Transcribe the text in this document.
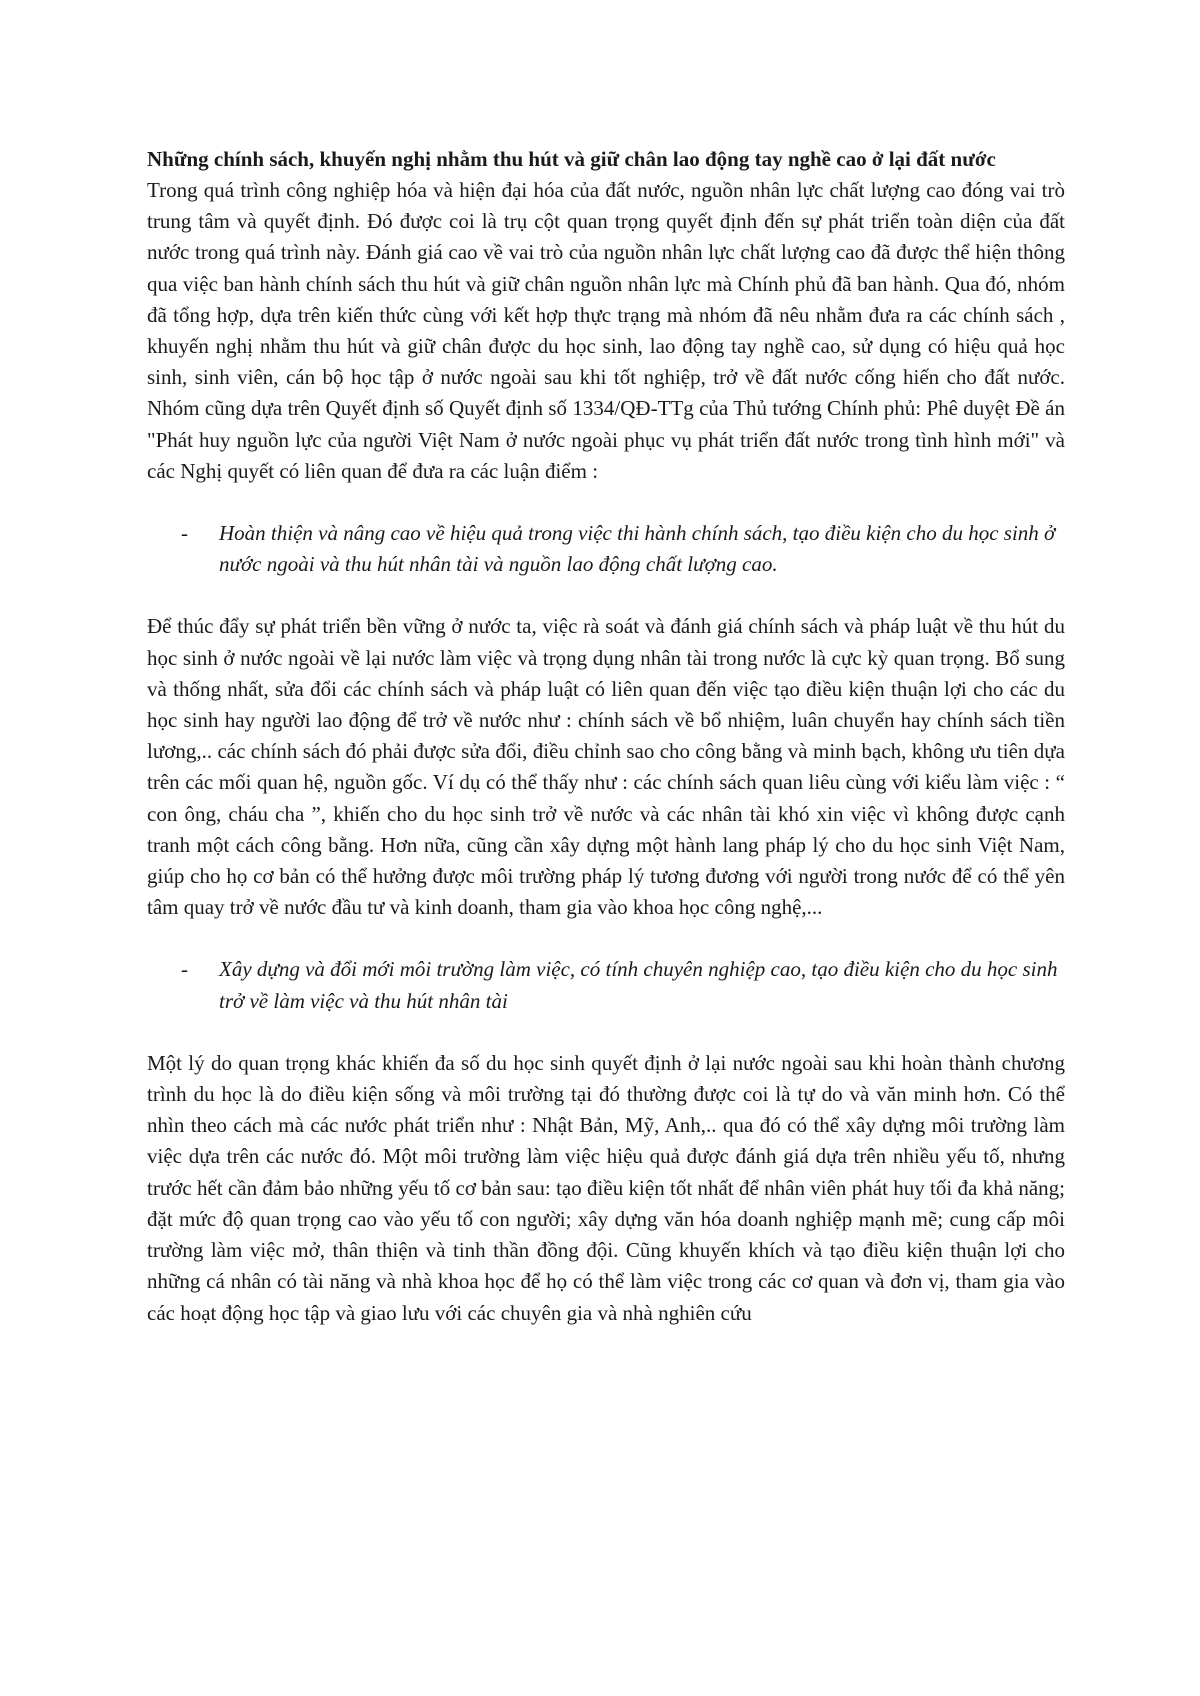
Những chính sách, khuyến nghị nhằm thu hút và giữ chân lao động tay nghề cao ở lại đất nước

Trong quá trình công nghiệp hóa và hiện đại hóa của đất nước, nguồn nhân lực chất lượng cao đóng vai trò trung tâm và quyết định. Đó được coi là trụ cột quan trọng quyết định đến sự phát triển toàn diện của đất nước trong quá trình này. Đánh giá cao về vai trò của nguồn nhân lực chất lượng cao đã được thể hiện thông qua việc ban hành chính sách thu hút và giữ chân nguồn nhân lực mà Chính phủ đã ban hành. Qua đó, nhóm đã tổng hợp, dựa trên kiến thức cùng với kết hợp thực trạng mà nhóm đã nêu nhằm đưa ra các chính sách , khuyến nghị nhằm thu hút và giữ chân được du học sinh, lao động tay nghề cao, sử dụng có hiệu quả học sinh, sinh viên, cán bộ học tập ở nước ngoài sau khi tốt nghiệp, trở về đất nước cống hiến cho đất nước. Nhóm cũng dựa trên Quyết định số Quyết định số 1334/QĐ-TTg của Thủ tướng Chính phủ: Phê duyệt Đề án "Phát huy nguồn lực của người Việt Nam ở nước ngoài phục vụ phát triển đất nước trong tình hình mới" và các Nghị quyết có liên quan để đưa ra các luận điểm :

- Hoàn thiện và nâng cao về hiệu quả trong việc thi hành chính sách, tạo điều kiện cho du học sinh ở nước ngoài và thu hút nhân tài và nguồn lao động chất lượng cao.

Để thúc đẩy sự phát triển bền vững ở nước ta, việc rà soát và đánh giá chính sách và pháp luật về thu hút du học sinh ở nước ngoài về lại nước làm việc và trọng dụng nhân tài trong nước là cực kỳ quan trọng. Bổ sung và thống nhất, sửa đổi các chính sách và pháp luật có liên quan đến việc tạo điều kiện thuận lợi cho các du học sinh hay người lao động để trở về nước như : chính sách về bổ nhiệm, luân chuyển hay chính sách tiền lương,.. các chính sách đó phải được sửa đổi, điều chỉnh sao cho công bằng và minh bạch, không ưu tiên dựa trên các mối quan hệ, nguồn gốc. Ví dụ có thể thấy như : các chính sách quan liêu cùng với kiểu làm việc : “ con ông, cháu cha ”, khiến cho du học sinh trở về nước và các nhân tài khó xin việc vì không được cạnh tranh một cách công bằng. Hơn nữa, cũng cần xây dựng một hành lang pháp lý cho du học sinh Việt Nam, giúp cho họ cơ bản có thể hưởng được môi trường pháp lý tương đương với người trong nước để có thể yên tâm quay trở về nước đầu tư và kinh doanh, tham gia vào khoa học công nghệ,...

- Xây dựng và đổi mới môi trường làm việc, có tính chuyên nghiệp cao, tạo điều kiện cho du học sinh trở về làm việc và thu hút nhân tài

Một lý do quan trọng khác khiến đa số du học sinh quyết định ở lại nước ngoài sau khi hoàn thành chương trình du học là do điều kiện sống và môi trường tại đó thường được coi là tự do và văn minh hơn. Có thể nhìn theo cách mà các nước phát triển như : Nhật Bản, Mỹ, Anh,.. qua đó có thể xây dựng môi trường làm việc dựa trên các nước đó. Một môi trường làm việc hiệu quả được đánh giá dựa trên nhiều yếu tố, nhưng trước hết cần đảm bảo những yếu tố cơ bản sau: tạo điều kiện tốt nhất để nhân viên phát huy tối đa khả năng; đặt mức độ quan trọng cao vào yếu tố con người; xây dựng văn hóa doanh nghiệp mạnh mẽ; cung cấp môi trường làm việc mở, thân thiện và tinh thần đồng đội. Cũng khuyến khích và tạo điều kiện thuận lợi cho những cá nhân có tài năng và nhà khoa học để họ có thể làm việc trong các cơ quan và đơn vị, tham gia vào các hoạt động học tập và giao lưu với các chuyên gia và nhà nghiên cứu
